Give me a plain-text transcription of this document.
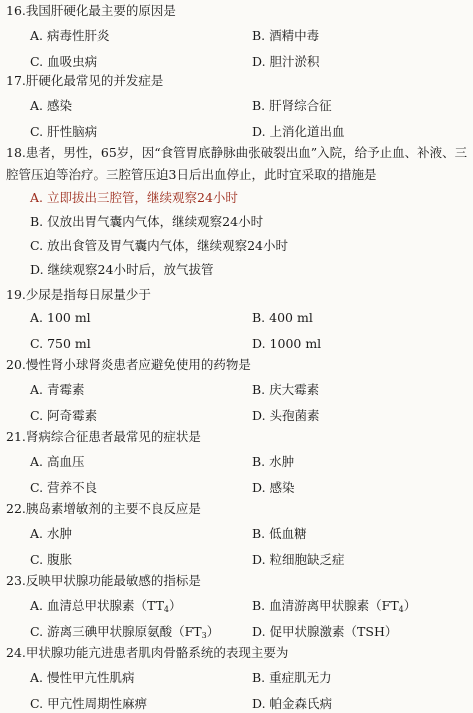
16.我国肝硬化最主要的原因是
A. 病毒性肝炎	B. 酒精中毒
C. 血吸虫病	D. 胆汁淤积
17.肝硬化最常见的并发症是
A. 感染	B. 肝肾综合征
C. 肝性脑病	D. 上消化道出血
18.患者，男性，65岁，因“食管胃底静脉曲张破裂出血”入院，给予止血、补液、三
腔管压迫等治疗。三腔管压迫3日后出血停止，此时宜采取的措施是
A. 立即拔出三腔管，继续观察24小时
B. 仅放出胃气囊内气体，继续观察24小时
C. 放出食管及胃气囊内气体，继续观察24小时
D. 继续观察24小时后，放气拔管
19.少尿是指每日尿量少于
A. 100 ml	B. 400 ml
C. 750 ml	D. 1000 ml
20.慢性肾小球肾炎患者应避免使用的药物是
A. 青霉素	B. 庆大霉素
C. 阿奇霉素	D. 头孢菌素
21.肾病综合征患者最常见的症状是
A. 高血压	B. 水肿
C. 营养不良	D. 感染
22.胰岛素增敏剂的主要不良反应是
A. 水肿	B. 低血糖
C. 腹胀	D. 粒细胞缺乏症
23.反映甲状腺功能最敏感的指标是
A. 血清总甲状腺素$(TT_4)$	B. 血清游离甲状腺素$(FT_4)$
C. 游离三碘甲状腺原氨酸$(FT_3)$	D. 促甲状腺激素（TSH）
24.甲状腺功能亢进患者肌肉骨骼系统的表现主要为
A. 慢性甲亢性肌病	B. 重症肌无力
C. 甲亢性周期性麻痹	D. 帕金森氏病
